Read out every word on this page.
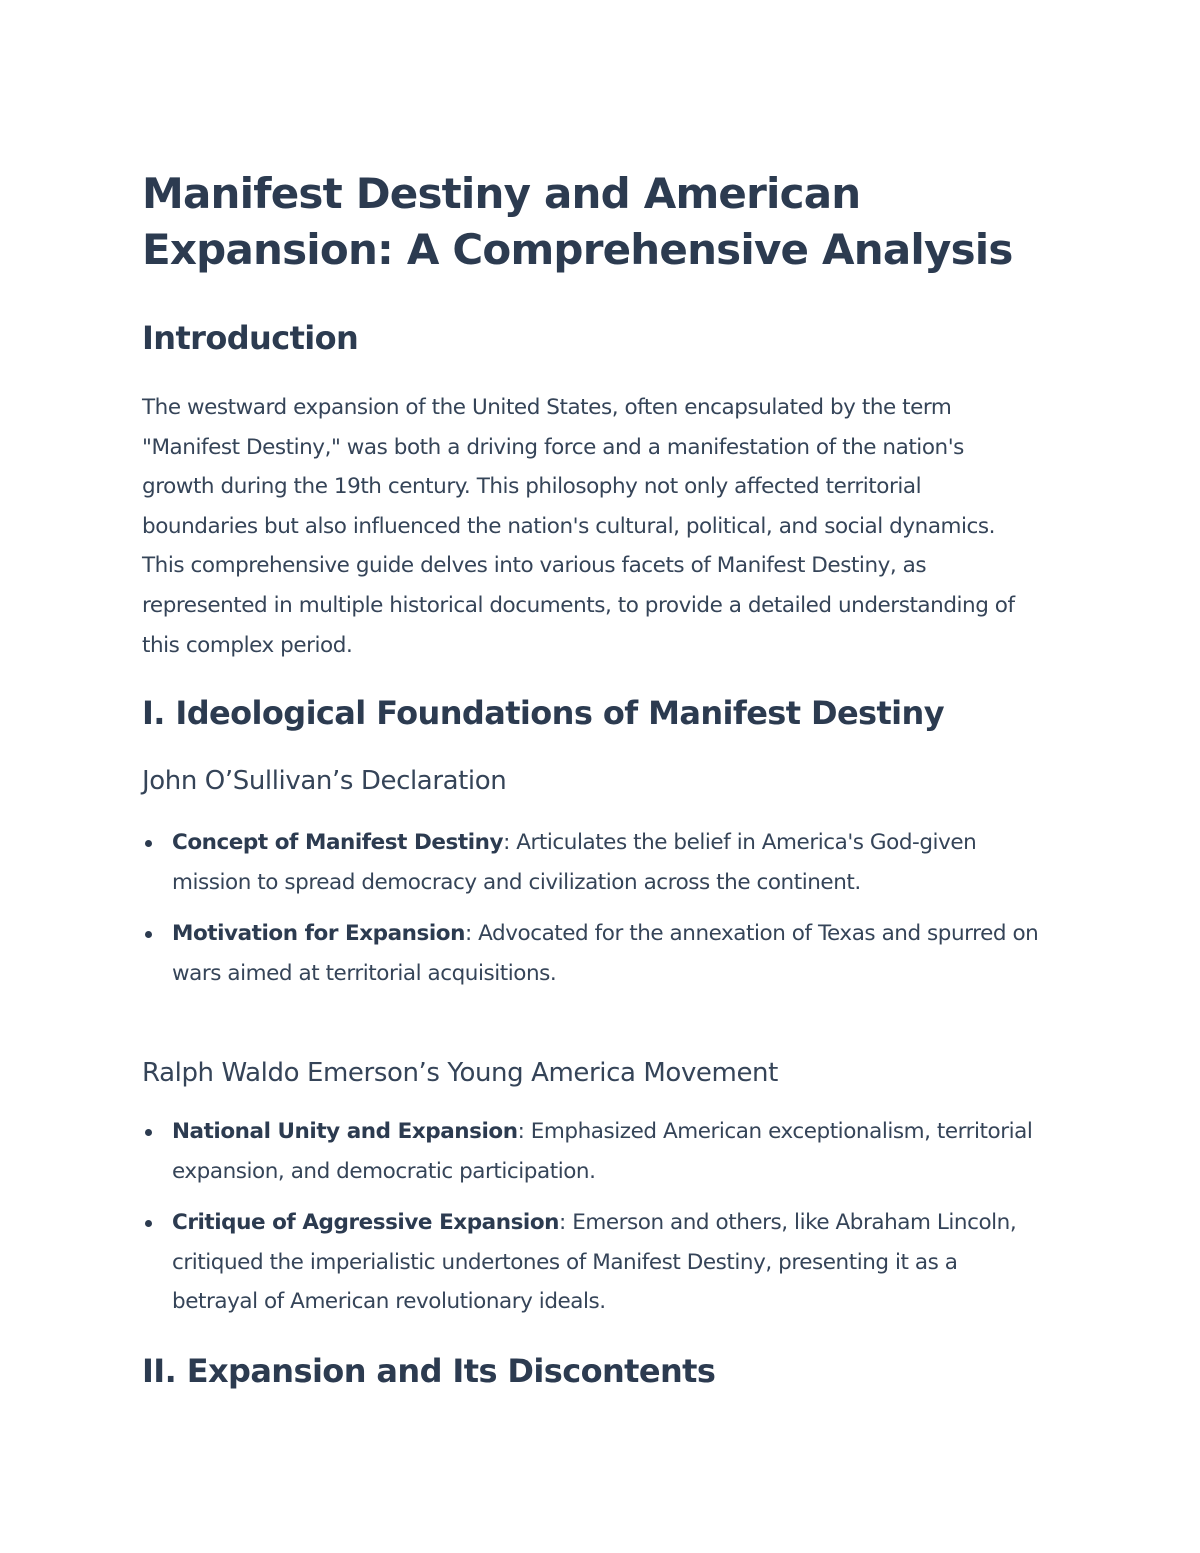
Manifest Destiny and American Expansion: A Comprehensive Analysis
Introduction

The westward expansion of the United States, often encapsulated by the term "Manifest Destiny," was both a driving force and a manifestation of the nation's growth during the 19th century. This philosophy not only affected territorial boundaries but also influenced the nation's cultural, political, and social dynamics. This comprehensive guide delves into various facets of Manifest Destiny, as represented in multiple historical documents, to provide a detailed understanding of this complex period.

I. Ideological Foundations of Manifest Destiny
John O’Sullivan’s Declaration
Concept of Manifest Destiny: Articulates the belief in America's God-given mission to spread democracy and civilization across the continent.
Motivation for Expansion: Advocated for the annexation of Texas and spurred on wars aimed at territorial acquisitions.
Ralph Waldo Emerson’s Young America Movement
National Unity and Expansion: Emphasized American exceptionalism, territorial expansion, and democratic participation.
Critique of Aggressive Expansion: Emerson and others, like Abraham Lincoln, critiqued the imperialistic undertones of Manifest Destiny, presenting it as a betrayal of American revolutionary ideals.
II. Expansion and Its Discontents
